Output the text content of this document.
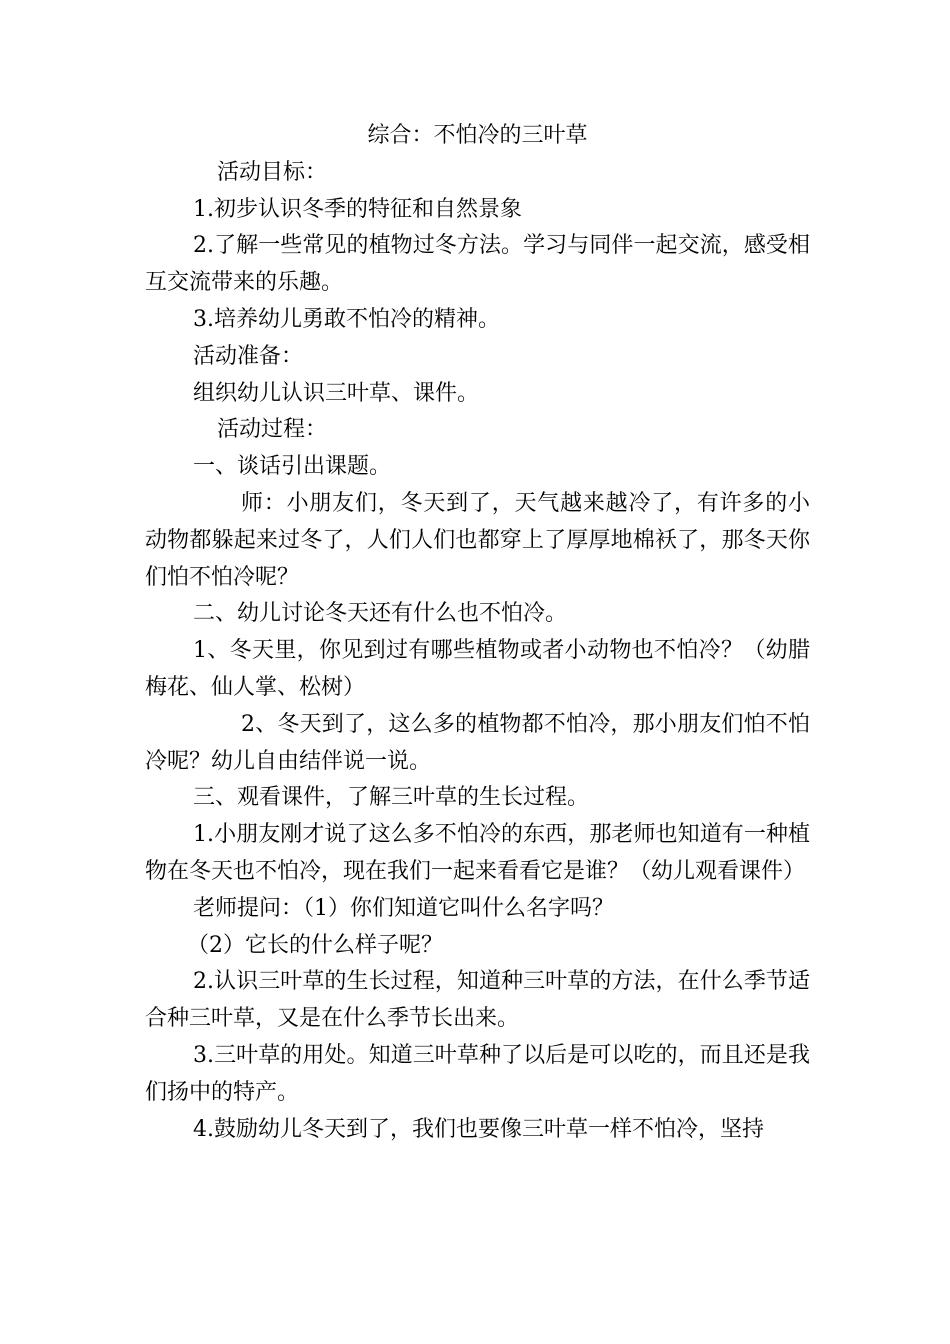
综合：不怕冷的三叶草
活动目标：
1.初步认识冬季的特征和自然景象
2.了解一些常见的植物过冬方法。学习与同伴一起交流，感受相互交流带来的乐趣。
3.培养幼儿勇敢不怕冷的精神。
活动准备：
组织幼儿认识三叶草、课件。
活动过程：
一、谈话引出课题。
师：小朋友们，冬天到了，天气越来越冷了，有许多的小动物都躲起来过冬了，人们人们也都穿上了厚厚地棉袄了，那冬天你们怕不怕冷呢？
二、幼儿讨论冬天还有什么也不怕冷。
1、冬天里，你见到过有哪些植物或者小动物也不怕冷？（幼腊梅花、仙人掌、松树）
2、冬天到了，这么多的植物都不怕冷，那小朋友们怕不怕冷呢？幼儿自由结伴说一说。
三、观看课件，了解三叶草的生长过程。
1.小朋友刚才说了这么多不怕冷的东西，那老师也知道有一种植物在冬天也不怕冷，现在我们一起来看看它是谁？（幼儿观看课件）
老师提问：（1）你们知道它叫什么名字吗？
（2）它长的什么样子呢？
2.认识三叶草的生长过程，知道种三叶草的方法，在什么季节适合种三叶草，又是在什么季节长出来。
3.三叶草的用处。知道三叶草种了以后是可以吃的，而且还是我们扬中的特产。
4.鼓励幼儿冬天到了，我们也要像三叶草一样不怕冷，坚持
